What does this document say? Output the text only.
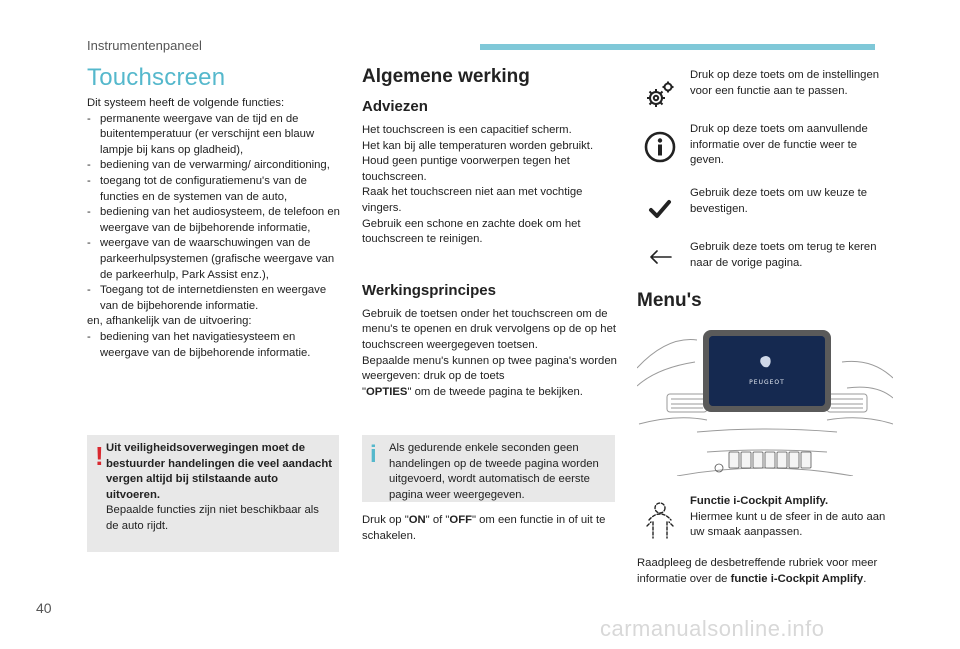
Instrumentenpaneel
Touchscreen

Dit systeem heeft de volgende functies:

- permanente weergave van de tijd en de buitentemperatuur (er verschijnt een blauw lampje bij kans op gladheid),
- bediening van de verwarming/ airconditioning,
- toegang tot de configuratiemenu's van de functies en de systemen van de auto,
- bediening van het audiosysteem, de telefoon en weergave van de bijbehorende informatie,
- weergave van de waarschuwingen van de parkeerhulpsystemen (grafische weergave van de parkeerhulp, Park Assist enz.),
- Toegang tot de internetdiensten en weergave van de bijbehorende informatie.

en, afhankelijk van de uitvoering:

- bediening van het navigatiesysteem en weergave van de bijbehorende informatie.
! Uit veiligheidsoverwegingen moet de bestuurder handelingen die veel aandacht vergen altijd bij stilstaande auto uitvoeren.

Bepaalde functies zijn niet beschikbaar als de auto rijdt.

Algemene werking
Adviezen

Het touchscreen is een capacitief scherm.

Het kan bij alle temperaturen worden gebruikt.

Houd geen puntige voorwerpen tegen het touchscreen.

Raak het touchscreen niet aan met vochtige vingers.

Gebruik een schone en zachte doek om het touchscreen te reinigen.

Werkingsprincipes

Gebruik de toetsen onder het touchscreen om de menu's te openen en druk vervolgens op de op het touchscreen weergegeven toetsen.

Bepaalde menu's kunnen op twee pagina's worden weergeven: druk op de toets

"OPTIES" om de tweede pagina te bekijken.

i Als gedurende enkele seconden geen handelingen op de tweede pagina worden uitgevoerd, wordt automatisch de eerste pagina weer weergegeven.

Druk op "ON" of "OFF" om een functie in of uit te schakelen.

Druk op deze toets om de instellingen voor een functie aan te passen.

Druk op deze toets om aanvullende informatie over de functie weer te geven.

Gebruik deze toets om uw keuze te bevestigen.

Gebruik deze toets om terug te keren naar de vorige pagina.

Menu's
PEUGEOT

Functie i-Cockpit Amplify.

Hiermee kunt u de sfeer in de auto aan uw smaak aanpassen.

Raadpleeg de desbetreffende rubriek voor meer informatie over de functie i-Cockpit Amplify.

40
carmanualsonline.info
